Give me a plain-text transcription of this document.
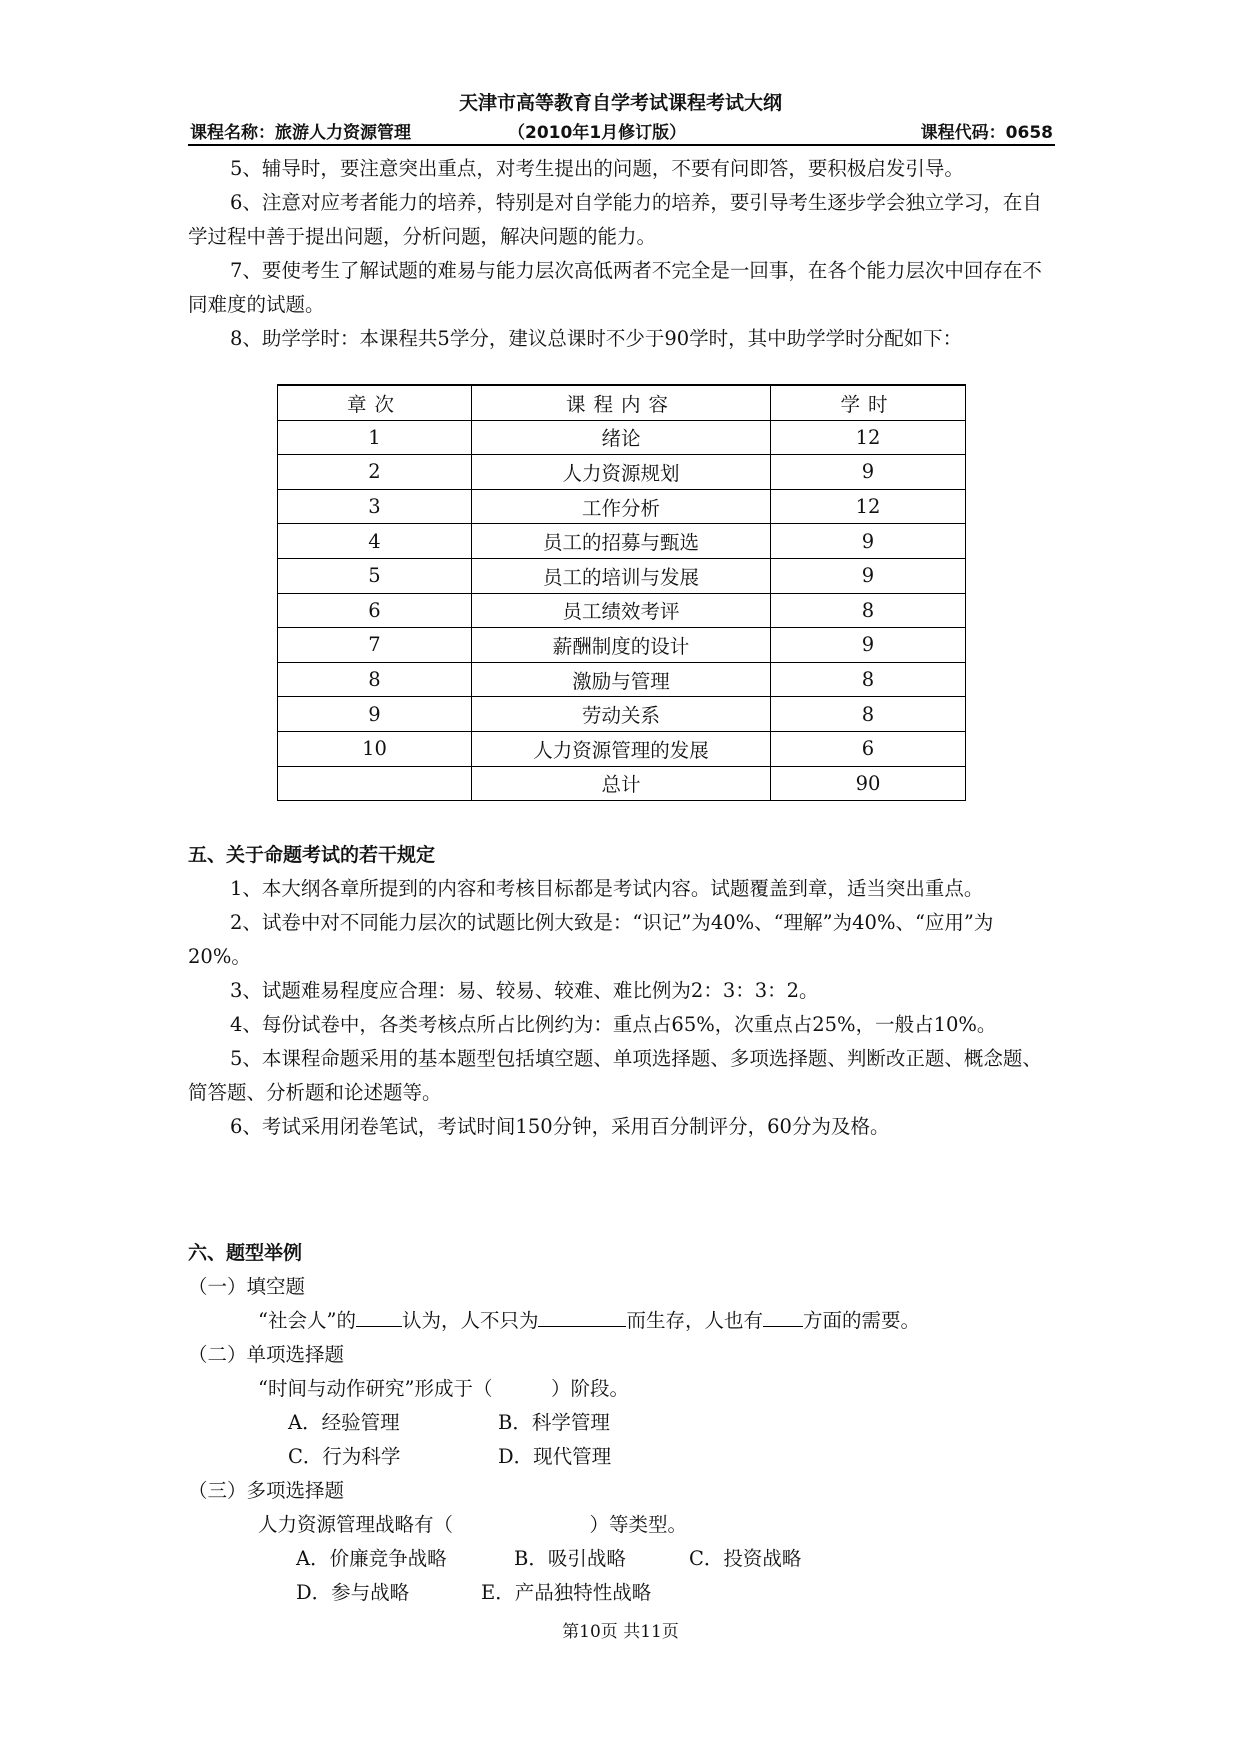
天津市高等教育自学考试课程考试大纲
课程名称：旅游人力资源管理	（2010年1月修订版）	课程代码：0658

5、辅导时，要注意突出重点，对考生提出的问题，不要有问即答，要积极启发引导。

6、注意对应考者能力的培养，特别是对自学能力的培养，要引导考生逐步学会独立学习，在自学过程中善于提出问题，分析问题，解决问题的能力。

7、要使考生了解试题的难易与能力层次高低两者不完全是一回事，在各个能力层次中回存在不同难度的试题。

8、助学学时：本课程共5学分，建议总课时不少于90学时，其中助学学时分配如下：

章次	课程内容	学时
1	绪论	12
2	人力资源规划	9
3	工作分析	12
4	员工的招募与甄选	9
5	员工的培训与发展	9
6	员工绩效考评	8
7	薪酬制度的设计	9
8	激励与管理	8
9	劳动关系	8
10	人力资源管理的发展	6
	总计	90

五、关于命题考试的若干规定

1、本大纲各章所提到的内容和考核目标都是考试内容。试题覆盖到章，适当突出重点。

2、试卷中对不同能力层次的试题比例大致是：“识记”为40%、“理解”为40%、“应用”为20%。

3、试题难易程度应合理：易、较易、较难、难比例为2：3：3：2。

4、每份试卷中，各类考核点所占比例约为：重点占65%，次重点占25%，一般占10%。

5、本课程命题采用的基本题型包括填空题、单项选择题、多项选择题、判断改正题、概念题、简答题、分析题和论述题等。

6、考试采用闭卷笔试，考试时间150分钟，采用百分制评分，60分为及格。

六、题型举例

（一）填空题

“社会人”的 认为，人不只为	而生存，人也有 方面的需要。

（二）单项选择题

“时间与动作研究”形成于（　　　）阶段。

A．经验管理	B．科学管理

C．行为科学	D．现代管理

（三）多项选择题

人力资源管理战略有（　　　　　　　）等类型。

A．价廉竞争战略	B．吸引战略	C．投资战略

D．参与战略	E．产品独特性战略

第10页 共11页
